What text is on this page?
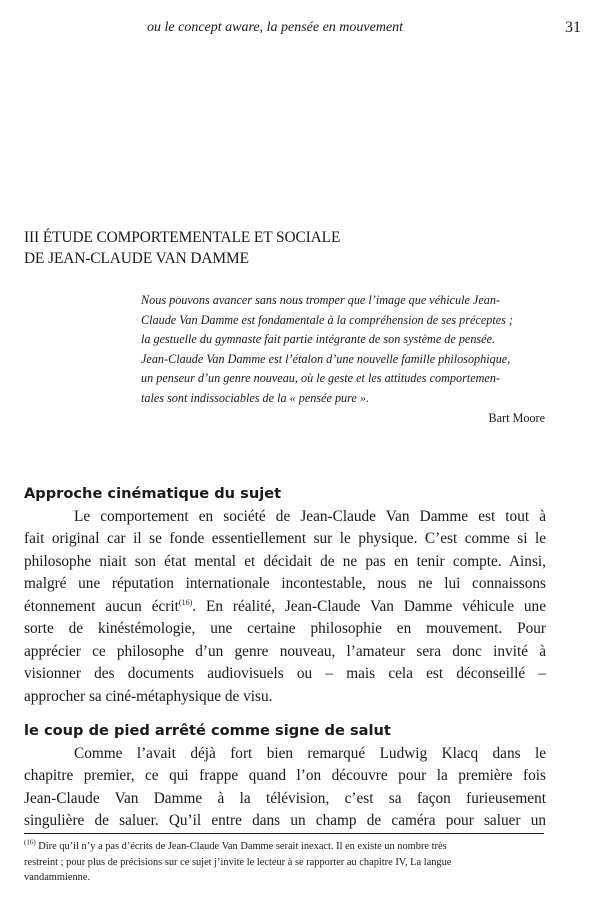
ou le concept aware, la pensée en mouvement	31
III ÉTUDE COMPORTEMENTALE ET SOCIALE
DE JEAN-CLAUDE VAN DAMME
Nous pouvons avancer sans nous tromper que l’image que véhicule Jean-
Claude Van Damme est fondamentale à la compréhension de ses préceptes ;
la gestuelle du gymnaste fait partie intégrante de son système de pensée.
Jean-Claude Van Damme est l’étalon d’une nouvelle famille philosophique,
un penseur d’un genre nouveau, où le geste et les attitudes comportemen-
tales sont indissociables de la « pensée pure ».
Bart Moore
Approche cinématique du sujet
Le comportement en société de Jean-Claude Van Damme est tout à
fait original car il se fonde essentiellement sur le physique. C’est comme si le
philosophe niait son état mental et décidait de ne pas en tenir compte. Ainsi,
malgré une réputation internationale incontestable, nous ne lui connaissons
étonnement aucun écrit$^{(16)}$. En réalité, Jean-Claude Van Damme véhicule une
sorte de kinéstémologie, une certaine philosophie en mouvement. Pour
apprécier ce philosophe d’un genre nouveau, l’amateur sera donc invité à
visionner des documents audiovisuels ou – mais cela est déconseillé –
approcher sa ciné-métaphysique de visu.
le coup de pied arrêté comme signe de salut
Comme l’avait déjà fort bien remarqué Ludwig Klacq dans le
chapitre premier, ce qui frappe quand l’on découvre pour la première fois
Jean-Claude Van Damme à la télévision, c’est sa façon furieusement
singulière de saluer. Qu’il entre dans un champ de caméra pour saluer un
$^{(16)}$ Dire qu’il n’y a pas d’écrits de Jean-Claude Van Damme serait inexact. Il en existe un nombre très
restreint ; pour plus de précisions sur ce sujet j’invite le lecteur à se rapporter au chapitre IV, La langue
vandammienne.
